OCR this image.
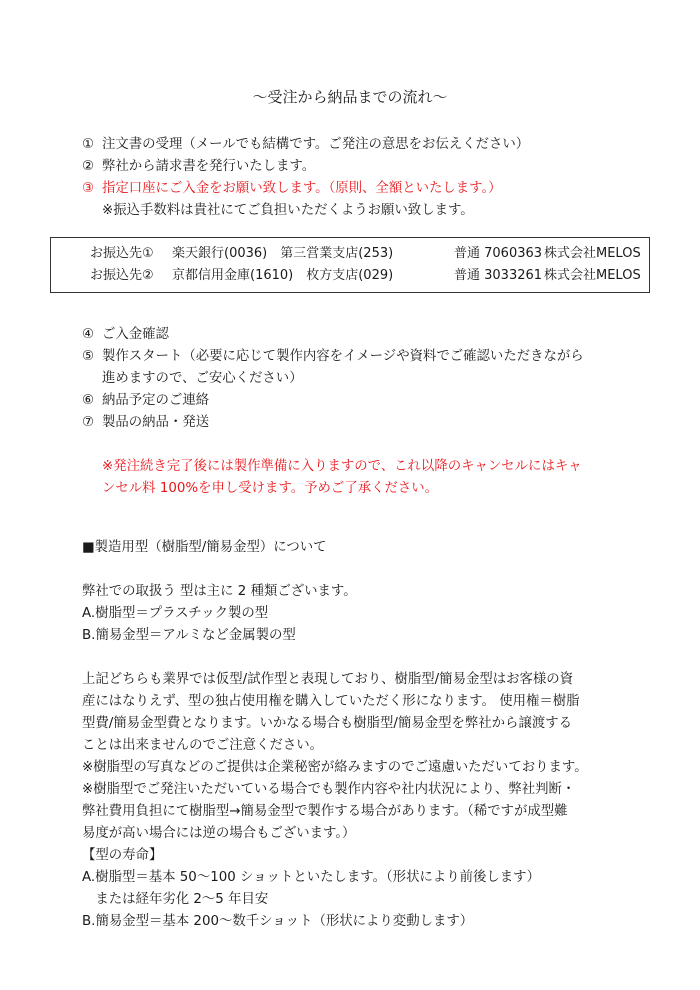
～受注から納品までの流れ～
① 注文書の受理（メールでも結構です。ご発注の意思をお伝えください）
② 弊社から請求書を発行いたします。
③ 指定口座にご入金をお願い致します。（原則、全額といたします。）
※振込手数料は貴社にてご負担いただくようお願い致します。
お振込先① 楽天銀行(0036)　第三営業支店(253)	普通 7060363 株式会社MELOS
お振込先② 京都信用金庫(1610)　枚方支店(029)	普通 3033261 株式会社MELOS
④ ご入金確認
⑤ 製作スタート（必要に応じて製作内容をイメージや資料でご確認いただきながら
進めますので、ご安心ください）
⑥ 納品予定のご連絡
⑦ 製品の納品・発送
※発注続き完了後には製作準備に入りますので、これ以降のキャンセルにはキャ
ンセル料 100%を申し受けます。予めご了承ください。
■製造用型（樹脂型/簡易金型）について
弊社での取扱う 型は主に 2 種類ございます。
A.樹脂型＝プラスチック製の型
B.簡易金型＝アルミなど金属製の型
上記どちらも業界では仮型/試作型と表現しており、樹脂型/簡易金型はお客様の資
産にはなりえず、型の独占使用権を購入していただく形になります。 使用権＝樹脂
型費/簡易金型費となります。いかなる場合も樹脂型/簡易金型を弊社から譲渡する
ことは出来ませんのでご注意ください。
※樹脂型の写真などのご提供は企業秘密が絡みますのでご遠慮いただいております。
※樹脂型でご発注いただいている場合でも製作内容や社内状況により、弊社判断・
弊社費用負担にて樹脂型→簡易金型で製作する場合があります。（稀ですが成型難
易度が高い場合には逆の場合もございます。）
【型の寿命】
A.樹脂型＝基本 50～100 ショットといたします。（形状により前後します）
　または経年劣化 2～5 年目安
B.簡易金型＝基本 200～数千ショット（形状により変動します）
